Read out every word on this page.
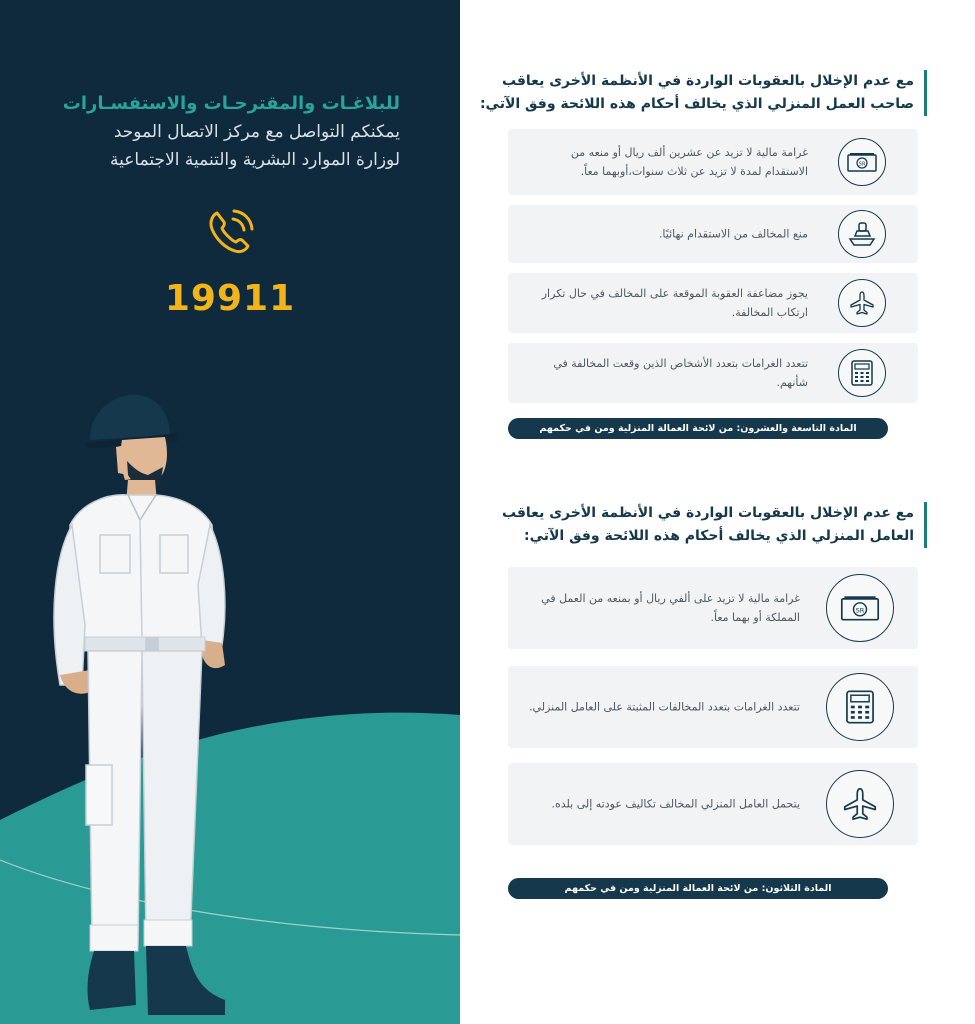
للبلاغـات والمقترحـات والاستفسـارات
يمكنكم التواصل مع مركز الاتصال الموحد
لوزارة الموارد البشرية والتنمية الاجتماعية
19911
مع عدم الإخلال بالعقوبات الواردة في الأنظمة الأخرى يعاقب
صاحب العمل المنزلي الذي يخالف أحكام هذه اللائحة وفق الآتي:
SR
غرامة مالية لا تزيد عن عشرين ألف ريال أو منعه من الاستقدام لمدة لا تزيد عن ثلاث سنوات،أوبهما معاً.
منع المخالف من الاستقدام نهائيًا.
يجوز مضاعفة العقوبة الموقعة على المخالف في حال تكرار ارتكاب المخالفة.
تتعدد الغرامات بتعدد الأشخاص الذين وقعت المخالفة في شأنهم.
المادة التاسعة والعشرون: من لائحة العمالة المنزلية ومن في حكمهم
مع عدم الإخلال بالعقوبات الواردة في الأنظمة الأخرى يعاقب
العامل المنزلي الذي يخالف أحكام هذه اللائحة وفق الآتي:
SR
غرامة مالية لا تزيد على ألفي ريال أو بمنعه من العمل في المملكة أو بهما معاً.
تتعدد الغرامات بتعدد المخالفات المثبتة على العامل المنزلي.
يتحمل العامل المنزلي المخالف تكاليف عودته إلى بلده.
المادة الثلاثون: من لائحة العمالة المنزلية ومن في حكمهم
